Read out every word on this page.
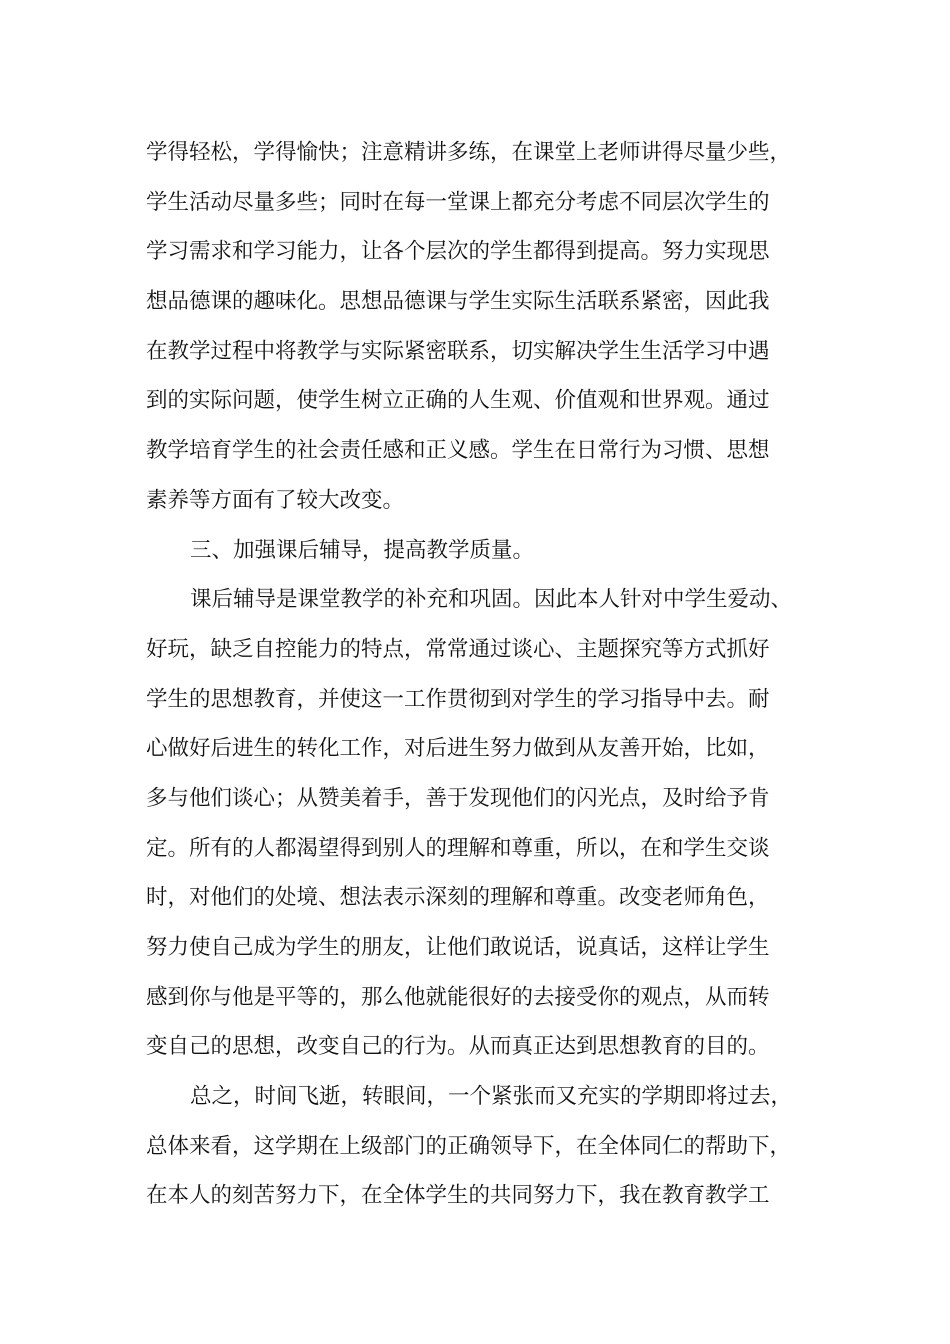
学得轻松，学得愉快；注意精讲多练，在课堂上老师讲得尽量少些，
学生活动尽量多些；同时在每一堂课上都充分考虑不同层次学生的
学习需求和学习能力，让各个层次的学生都得到提高。努力实现思
想品德课的趣味化。思想品德课与学生实际生活联系紧密，因此我
在教学过程中将教学与实际紧密联系，切实解决学生生活学习中遇
到的实际问题，使学生树立正确的人生观、价值观和世界观。通过
教学培育学生的社会责任感和正义感。学生在日常行为习惯、思想
素养等方面有了较大改变。
三、加强课后辅导，提高教学质量。
课后辅导是课堂教学的补充和巩固。因此本人针对中学生爱动、
好玩，缺乏自控能力的特点，常常通过谈心、主题探究等方式抓好
学生的思想教育，并使这一工作贯彻到对学生的学习指导中去。耐
心做好后进生的转化工作，对后进生努力做到从友善开始，比如，
多与他们谈心；从赞美着手，善于发现他们的闪光点，及时给予肯
定。所有的人都渴望得到别人的理解和尊重，所以，在和学生交谈
时，对他们的处境、想法表示深刻的理解和尊重。改变老师角色，
努力使自己成为学生的朋友，让他们敢说话，说真话，这样让学生
感到你与他是平等的，那么他就能很好的去接受你的观点，从而转
变自己的思想，改变自己的行为。从而真正达到思想教育的目的。
总之，时间飞逝，转眼间，一个紧张而又充实的学期即将过去，
总体来看，这学期在上级部门的正确领导下，在全体同仁的帮助下，
在本人的刻苦努力下，在全体学生的共同努力下，我在教育教学工
